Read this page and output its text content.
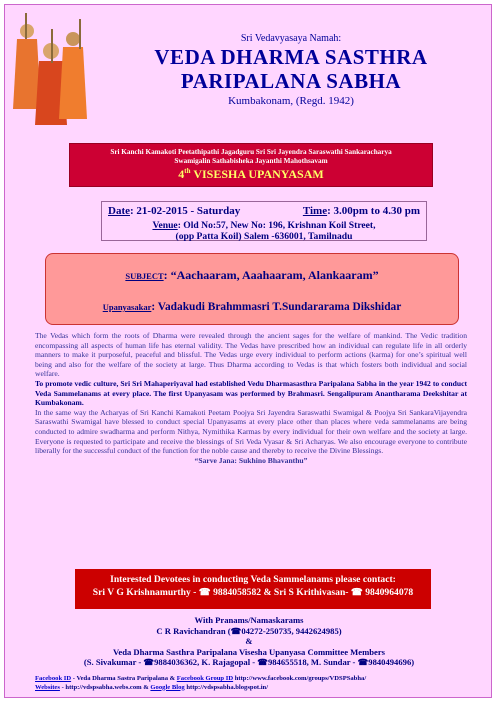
Sri Vedavyasaya Namah:
VEDA DHARMA SASTHRA
PARIPALANA SABHA
Kumbakonam, (Regd. 1942)
Sri Kanchi Kamakoti Peetathipathi Jagadguru Sri Sri Jayendra Saraswathi Sankaracharya
Swamigalin Sathabisheka Jayanthi Mahothsavam
4th VISESHA UPANYASAM
Date: 21-02-2015 - Saturday	Time: 3.00pm to 4.30 pm
Venue: Old No:57, New No: 196, Krishnan Koil Street,
(opp Patta Koil) Salem -636001, Tamilnadu
SUBJECT: “Aachaaram, Aaahaaram, Alankaaram”
Upanyasakar: Vadakudi Brahmmasri T.Sundararama Dikshidar

The Vedas which form the roots of Dharma were revealed through the ancient sages for the welfare of mankind. The Vedic tradition encompassing all aspects of human life has eternal validity. The Vedas have prescribed how an individual can regulate life in all orderly manners to make it purposeful, peaceful and blissful. The Vedas urge every individual to perform actions (karma) for one’s spiritual well being and also for the welfare of the society at large. Thus Dharma according to Vedas is that which fosters both individual and social welfare.

To promote vedic culture, Sri Sri Mahaperiyaval had established Vedu Dharmasasthra Paripalana Sabha in the year 1942 to conduct Veda Sammelanams at every place. The first Upanyasam was performed by Brahmasri. Sengalipuram Anantharama Deekshitar at Kumbakonam.

In the same way the Acharyas of Sri Kanchi Kamakoti Peetam Poojya Sri Jayendra Saraswathi Swamigal & Poojya Sri SankaraVijayendra Saraswathi Swamigal have blessed to conduct special Upanyasams at every place other than places where veda sammelanams are being conducted to admire swadharma and perform Nithya, Nymithika Karmas by every individual for their own welfare and the society at large. Everyone is requested to participate and receive the blessings of Sri Veda Vyasar & Sri Acharyas. We also encourage everyone to contribute liberally for the successful conduct of the function for the noble cause and thereby to receive the Divine Blessings.

“Sarve Jana: Sukhino Bhavanthu”

Interested Devotees in conducting Veda Sammelanams please contact:
Sri V G Krishnamurthy - ☎ 9884058582 & Sri S Krithivasan- ☎ 9840964078
With Pranams/Namaskarams
C R Ravichandran (☎04272-250735, 9442624985)
&
Veda Dharma Sasthra Paripalana Visesha Upanyasa Committee Members
(S. Sivakumar - ☎9884036362, K. Rajagopal - ☎984655518, M. Sundar - ☎9840494696)
Facebook ID - Veda Dharma Sastra Paripalana & Facebook Group ID http://www.facebook.com/groups/VDSPSabha/
Websites - http://vdspsabha.webs.com & Google Blog http://vdspsabha.blogspot.in/
